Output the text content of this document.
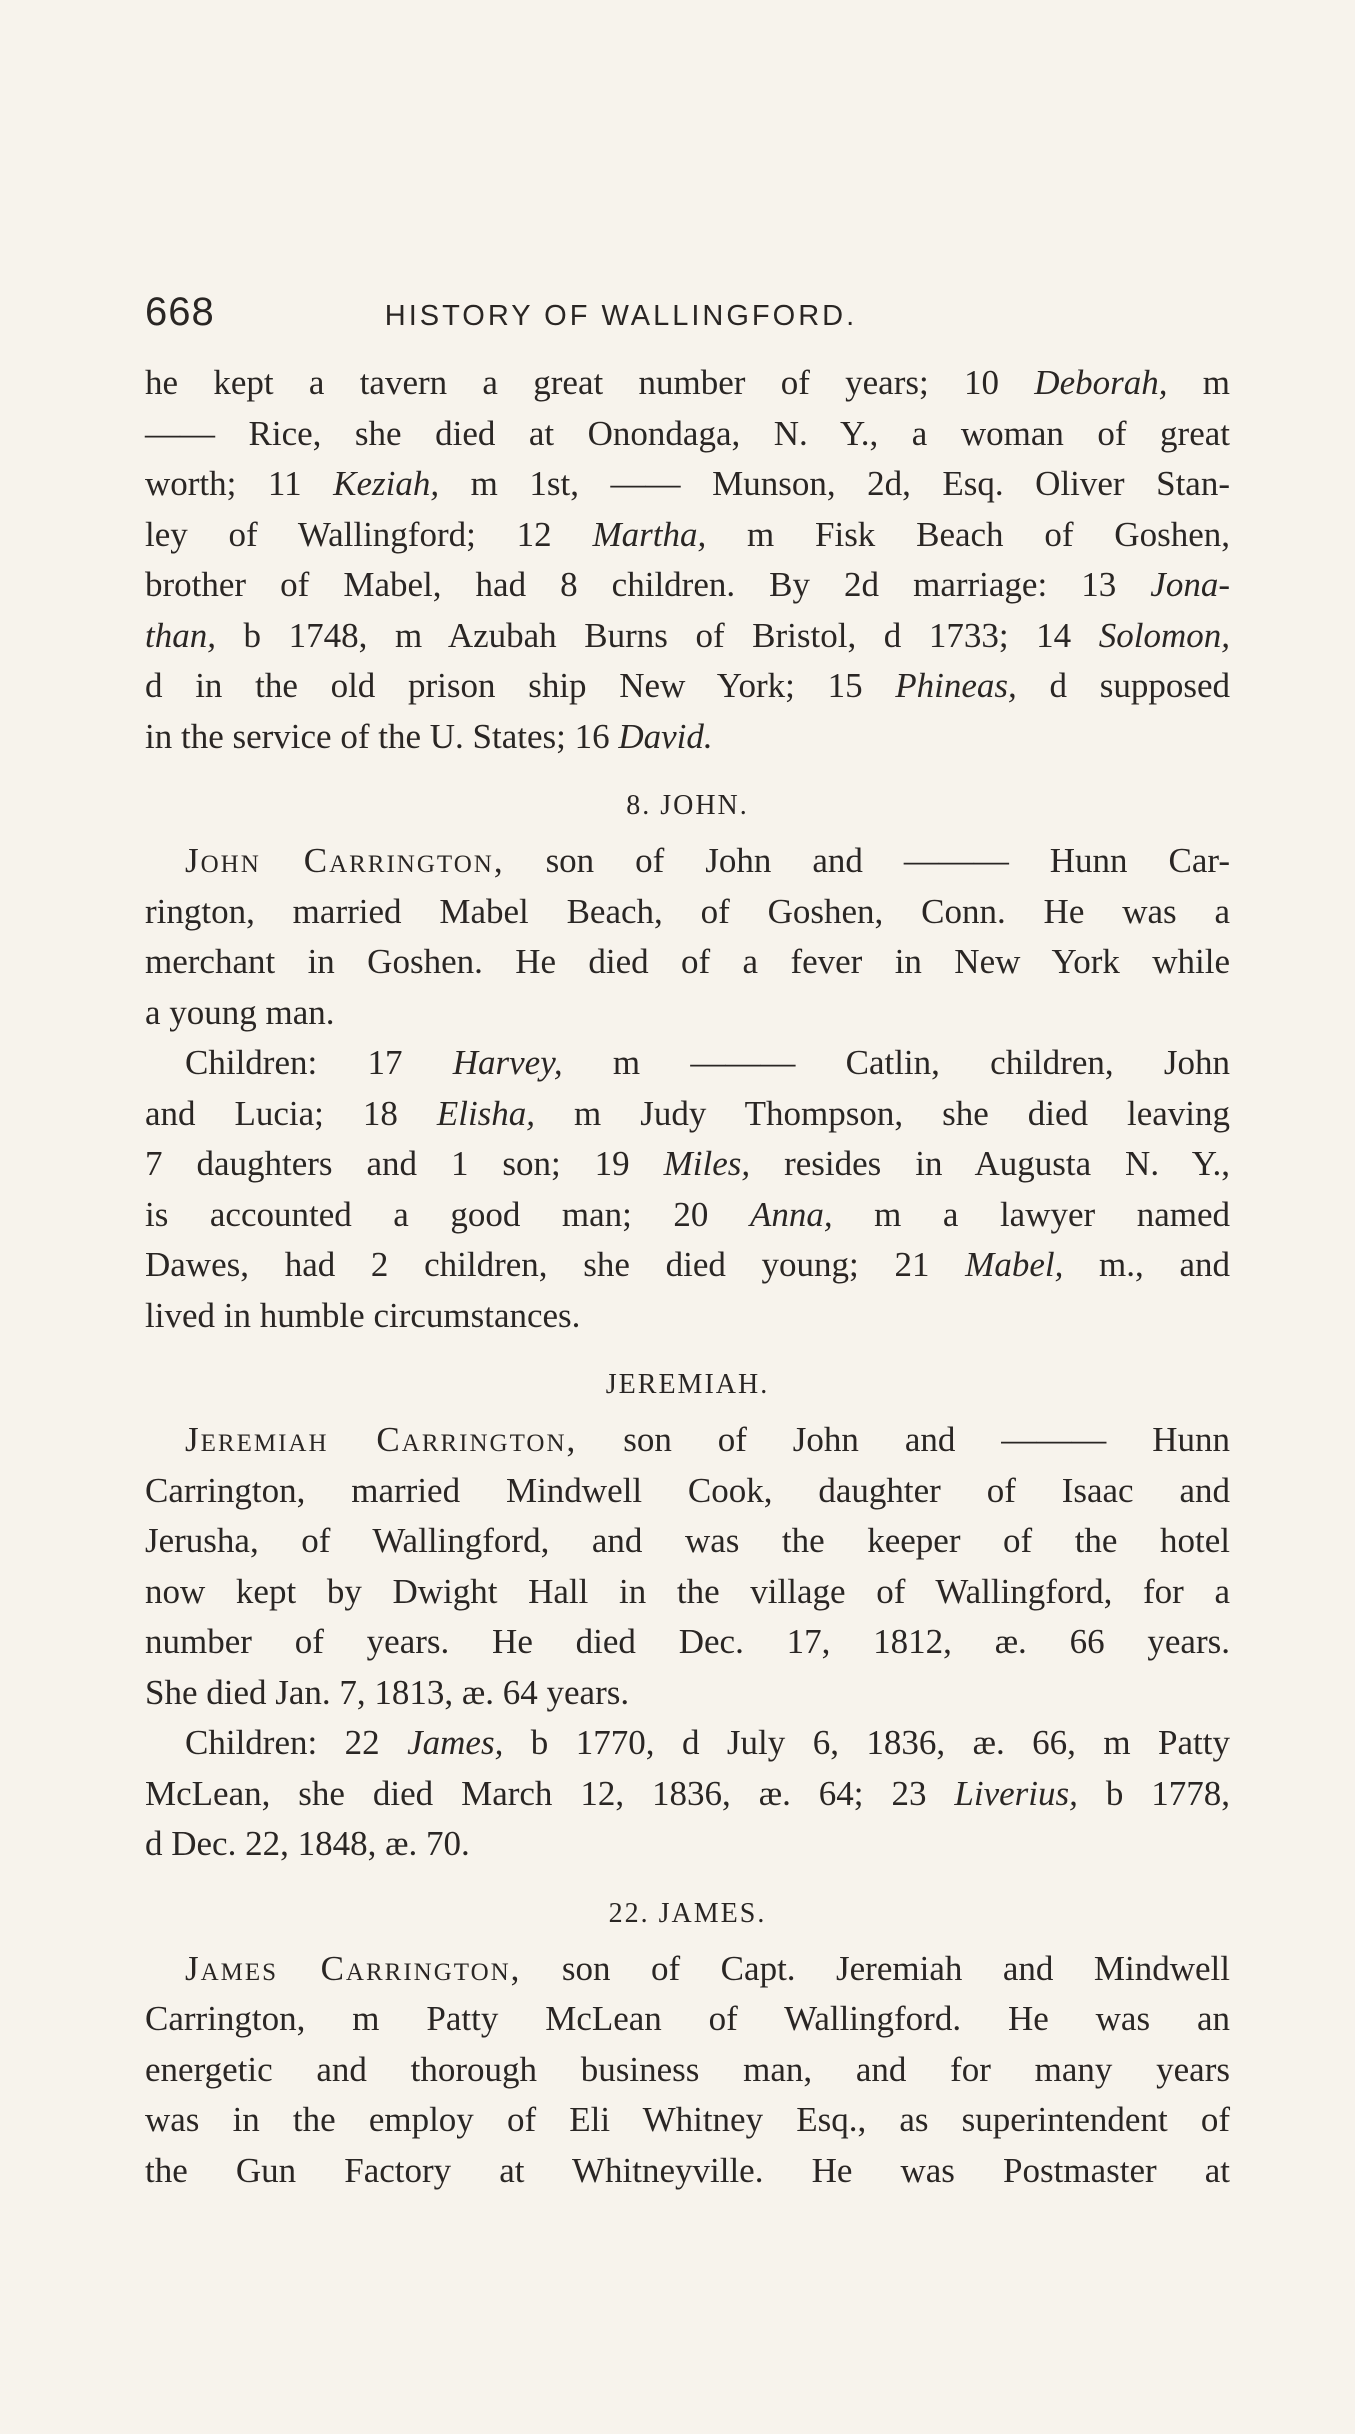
668	HISTORY OF WALLINGFORD.
he kept a tavern a great number of years; 10 Deborah, m
—— Rice, she died at Onondaga, N. Y., a woman of great
worth; 11 Keziah, m 1st, —— Munson, 2d, Esq. Oliver Stan-
ley of Wallingford; 12 Martha, m Fisk Beach of Goshen,
brother of Mabel, had 8 children. By 2d marriage: 13 Jona-
than, b 1748, m Azubah Burns of Bristol, d 1733; 14 Solomon,
d in the old prison ship New York; 15 Phineas, d supposed
in the service of the U. States; 16 David.
8. JOHN.
John Carrington, son of John and ——— Hunn Car-
rington, married Mabel Beach, of Goshen, Conn. He was a
merchant in Goshen. He died of a fever in New York while
a young man.
Children: 17 Harvey, m ——— Catlin, children, John
and Lucia; 18 Elisha, m Judy Thompson, she died leaving
7 daughters and 1 son; 19 Miles, resides in Augusta N. Y.,
is accounted a good man; 20 Anna, m a lawyer named
Dawes, had 2 children, she died young; 21 Mabel, m., and
lived in humble circumstances.
JEREMIAH.
Jeremiah Carrington, son of John and ——— Hunn
Carrington, married Mindwell Cook, daughter of Isaac and
Jerusha, of Wallingford, and was the keeper of the hotel
now kept by Dwight Hall in the village of Wallingford, for a
number of years. He died Dec. 17, 1812, æ. 66 years.
She died Jan. 7, 1813, æ. 64 years.
Children: 22 James, b 1770, d July 6, 1836, æ. 66, m Patty
McLean, she died March 12, 1836, æ. 64; 23 Liverius, b 1778,
d Dec. 22, 1848, æ. 70.
22. JAMES.
James Carrington, son of Capt. Jeremiah and Mindwell
Carrington, m Patty McLean of Wallingford. He was an
energetic and thorough business man, and for many years
was in the employ of Eli Whitney Esq., as superintendent of
the Gun Factory at Whitneyville. He was Postmaster at
